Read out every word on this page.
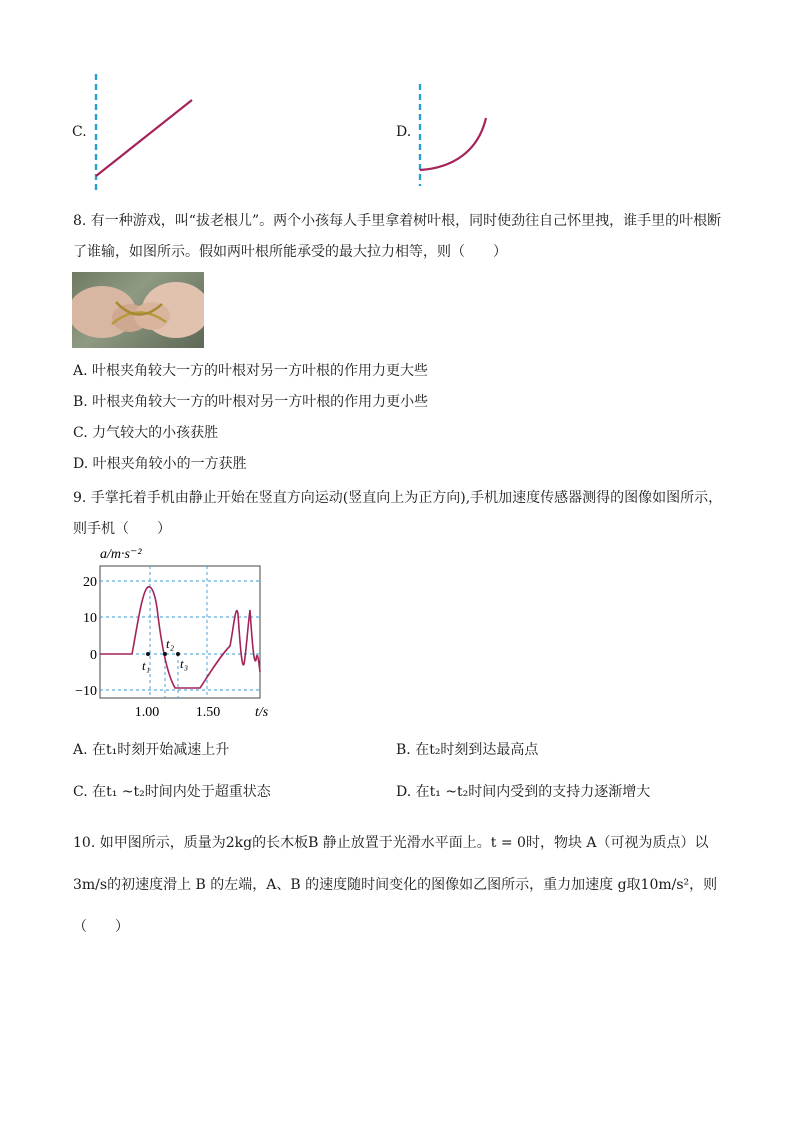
C.	D.
8. 有一种游戏，叫“拔老根儿”。两个小孩每人手里拿着树叶根，同时使劲往自己怀里拽，谁手里的叶根断
了谁输，如图所示。假如两叶根所能承受的最大拉力相等，则（　　）
A. 叶根夹角较大一方的叶根对另一方叶根的作用力更大些
B. 叶根夹角较大一方的叶根对另一方叶根的作用力更小些
C. 力气较大的小孩获胜
D. 叶根夹角较小的一方获胜
9. 手掌托着手机由静止开始在竖直方向运动(竖直向上为正方向),手机加速度传感器测得的图像如图所示，
则手机（　　）
20
10
0
−10
1.00	1.50
a/m·s⁻²
t/s
t₁
t₂
t₃
A. 在t₁时刻开始减速上升	B. 在t₂时刻到达最高点
C. 在t₁ ~t₂时间内处于超重状态	D. 在t₁ ~t₂时间内受到的支持力逐渐增大
10. 如甲图所示，质量为2kg的长木板B 静止放置于光滑水平面上。t = 0时，物块 A（可视为质点）以
3m/s的初速度滑上 B 的左端，A、B 的速度随时间变化的图像如乙图所示，重力加速度 g取10m/s²，则
（　　）
